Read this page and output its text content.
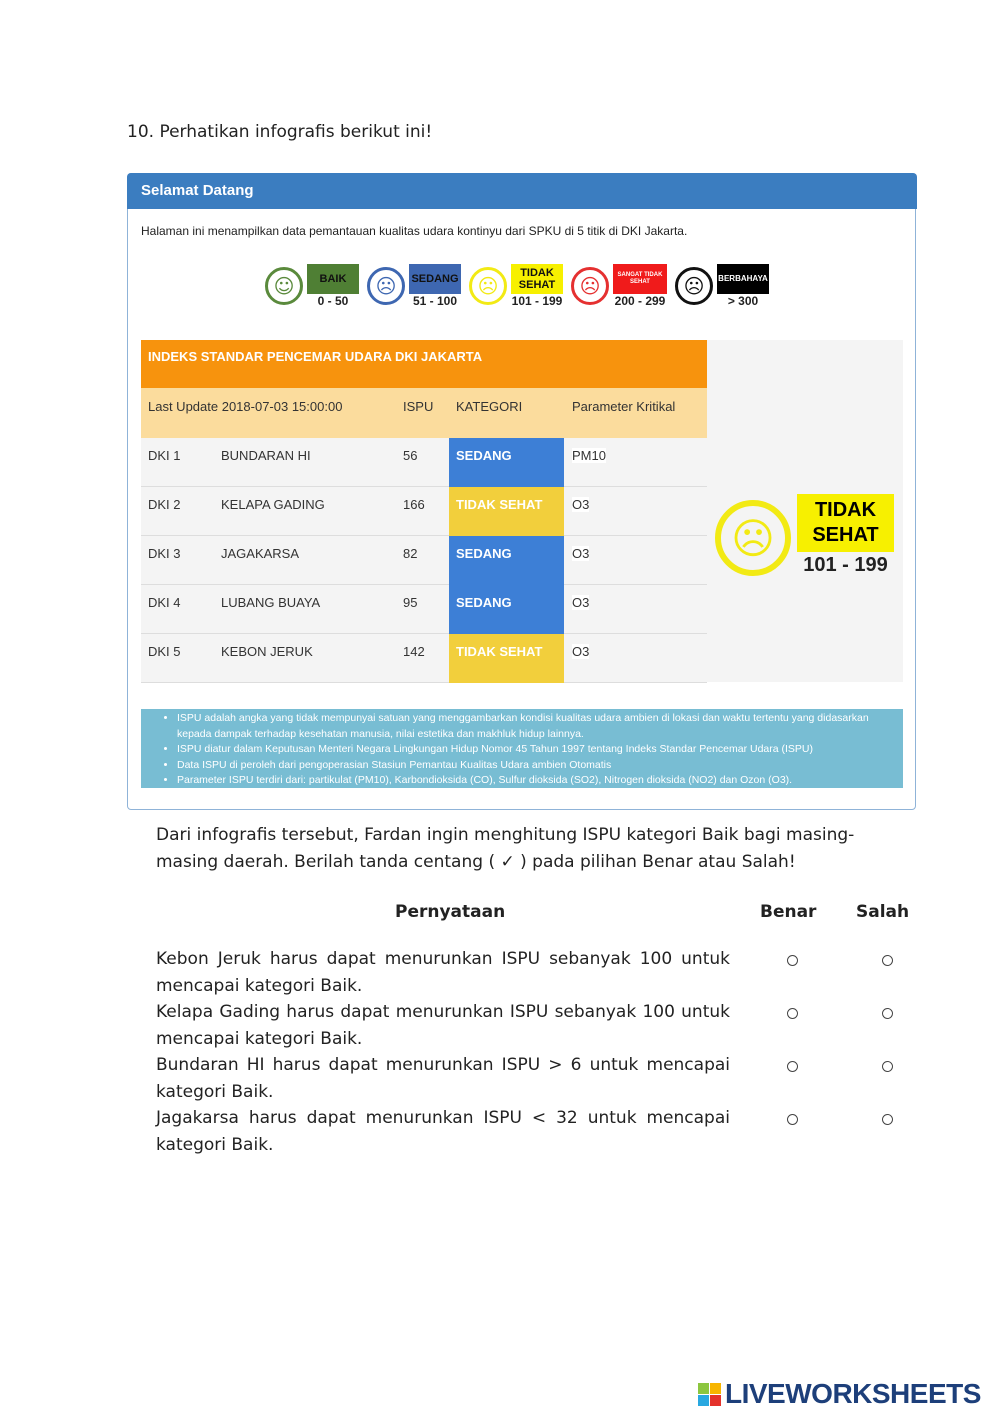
10. Perhatikan infografis berikut ini!
Selamat Datang
Halaman ini menampilkan data pemantauan kualitas udara kontinyu dari SPKU di 5 titik di DKI Jakarta.
☺	BAIK
0 - 50
☹	SEDANG
51 - 100
☹
TIDAK SEHAT
101 - 199
☹	SANGAT TIDAK SEHAT
200 - 299
☹	BERBAHAYA
> 300
INDEKS STANDAR PENCEMAR UDARA DKI JAKARTA
Last Update 2018-07-03 15:00:00	ISPU KATEGORI	Parameter Kritikal
DKI 1	BUNDARAN HI	56	SEDANG	PM10
DKI 2	KELAPA GADING	166	TIDAK SEHAT	O3
DKI 3	JAGAKARSA	82	SEDANG	O3
DKI 4	LUBANG BUAYA	95	SEDANG	O3
DKI 5	KEBON JERUK	142	TIDAK SEHAT	O3
☹
TIDAK
SEHAT
101 - 199
• ISPU adalah angka yang tidak mempunyai satuan yang menggambarkan kondisi kualitas udara ambien di lokasi dan waktu tertentu yang didasarkan kepada dampak terhadap kesehatan manusia, nilai estetika dan makhluk hidup lainnya.
• ISPU diatur dalam Keputusan Menteri Negara Lingkungan Hidup Nomor 45 Tahun 1997 tentang Indeks Standar Pencemar Udara (ISPU)
• Data ISPU di peroleh dari pengoperasian Stasiun Pemantau Kualitas Udara ambien Otomatis
• Parameter ISPU terdiri dari: partikulat (PM10), Karbondioksida (CO), Sulfur dioksida (SO2), Nitrogen dioksida (NO2) dan Ozon (O3).
Dari infografis tersebut, Fardan ingin menghitung ISPU kategori Baik bagi masing-masing daerah. Berilah tanda centang ( ✓ ) pada pilihan Benar atau Salah!
Pernyataan	Benar Salah
Kebon Jeruk harus dapat menurunkan ISPU sebanyak 100 untuk mencapai kategori Baik.
Kelapa Gading harus dapat menurunkan ISPU sebanyak 100 untuk mencapai kategori Baik.
Bundaran HI harus dapat menurunkan ISPU > 6 untuk mencapai kategori Baik.
Jagakarsa harus dapat menurunkan ISPU < 32 untuk mencapai kategori Baik.
LIVEWORKSHEETS
